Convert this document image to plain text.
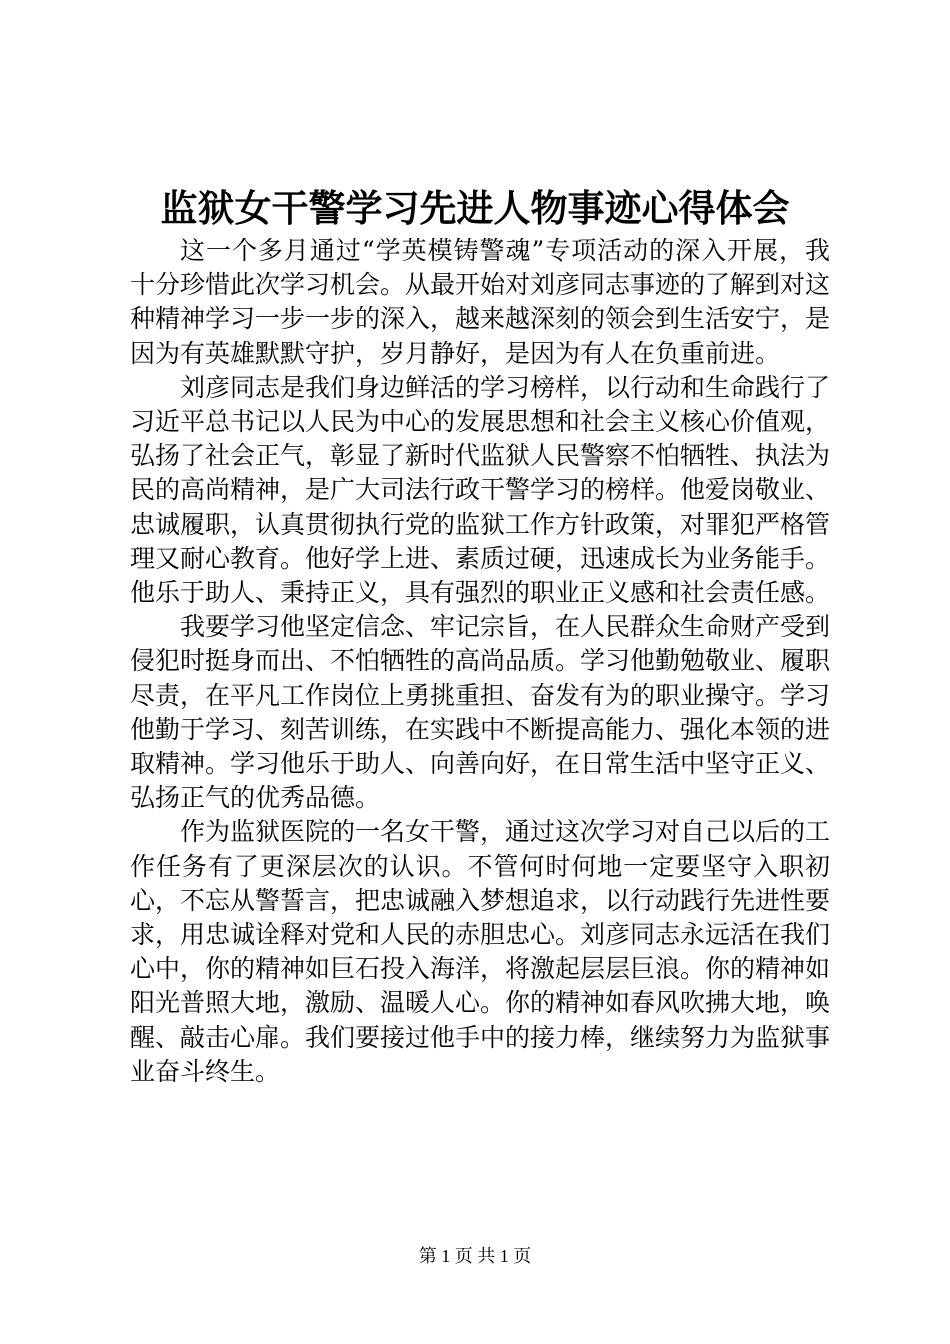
监狱女干警学习先进人物事迹心得体会

这一个多月通过“学英模铸警魂”专项活动的深入开展，我十分珍惜此次学习机会。从最开始对刘彦同志事迹的了解到对这种精神学习一步一步的深入，越来越深刻的领会到生活安宁，是因为有英雄默默守护，岁月静好，是因为有人在负重前进。

刘彦同志是我们身边鲜活的学习榜样，以行动和生命践行了习近平总书记以人民为中心的发展思想和社会主义核心价值观，弘扬了社会正气，彰显了新时代监狱人民警察不怕牺牲、执法为民的高尚精神，是广大司法行政干警学习的榜样。他爱岗敬业、忠诚履职，认真贯彻执行党的监狱工作方针政策，对罪犯严格管理又耐心教育。他好学上进、素质过硬，迅速成长为业务能手。他乐于助人、秉持正义，具有强烈的职业正义感和社会责任感。

我要学习他坚定信念、牢记宗旨，在人民群众生命财产受到侵犯时挺身而出、不怕牺牲的高尚品质。学习他勤勉敬业、履职尽责，在平凡工作岗位上勇挑重担、奋发有为的职业操守。学习他勤于学习、刻苦训练，在实践中不断提高能力、强化本领的进取精神。学习他乐于助人、向善向好，在日常生活中坚守正义、弘扬正气的优秀品德。

作为监狱医院的一名女干警，通过这次学习对自己以后的工作任务有了更深层次的认识。不管何时何地一定要坚守入职初心，不忘从警誓言，把忠诚融入梦想追求，以行动践行先进性要求，用忠诚诠释对党和人民的赤胆忠心。刘彦同志永远活在我们心中，你的精神如巨石投入海洋，将激起层层巨浪。你的精神如阳光普照大地，激励、温暖人心。你的精神如春风吹拂大地，唤醒、敲击心扉。我们要接过他手中的接力棒，继续努力为监狱事业奋斗终生。

第 1 页 共 1 页
